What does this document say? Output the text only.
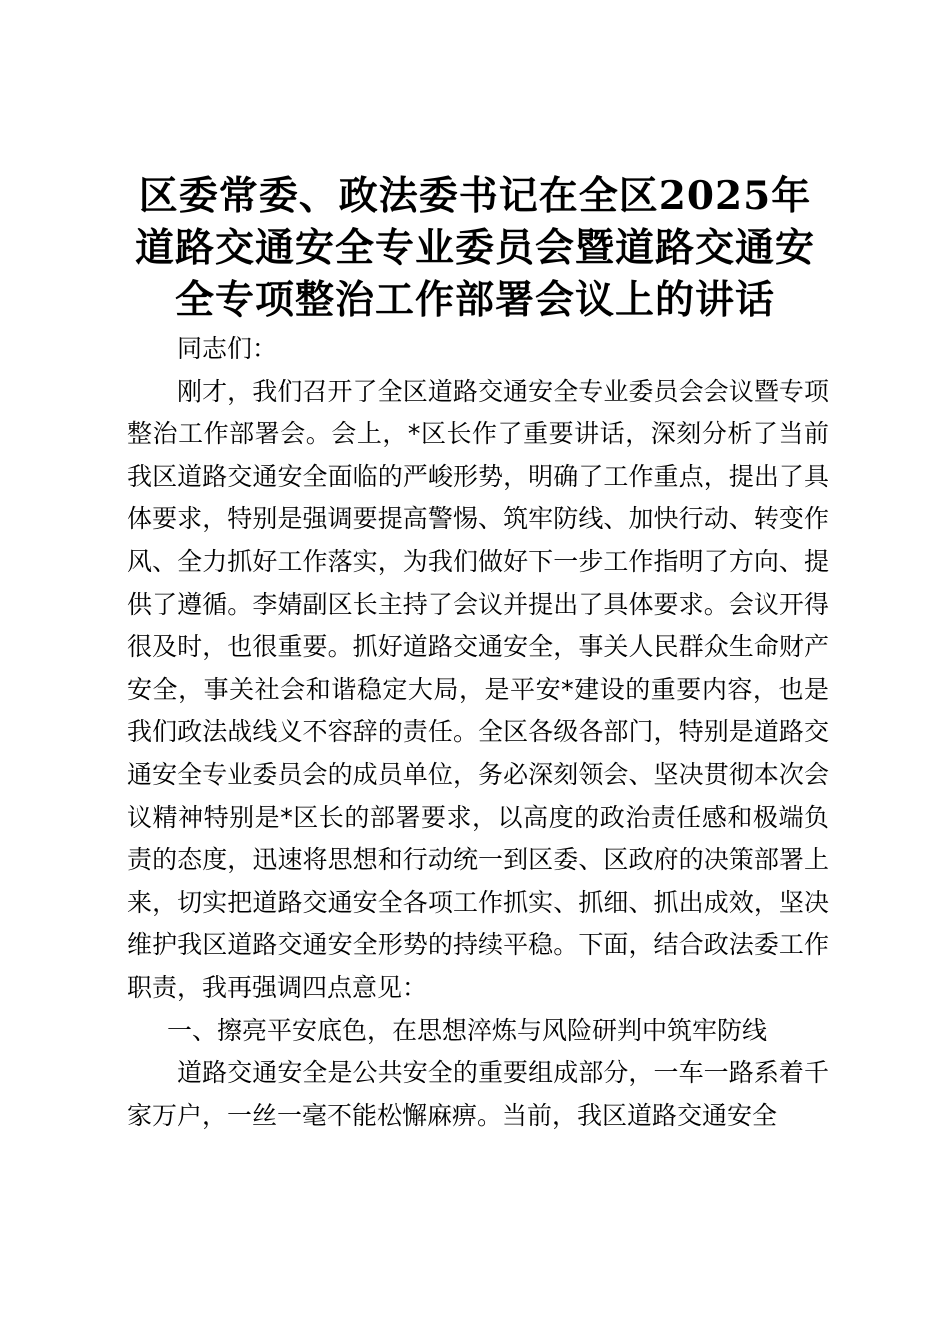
区委常委、政法委书记在全区2025年
道路交通安全专业委员会暨道路交通安
全专项整治工作部署会议上的讲话

同志们：

刚才，我们召开了全区道路交通安全专业委员会会议暨专项整治工作部署会。会上，*区长作了重要讲话，深刻分析了当前我区道路交通安全面临的严峻形势，明确了工作重点，提出了具体要求，特别是强调要提高警惕、筑牢防线、加快行动、转变作风、全力抓好工作落实，为我们做好下一步工作指明了方向、提供了遵循。李婧副区长主持了会议并提出了具体要求。会议开得很及时，也很重要。抓好道路交通安全，事关人民群众生命财产安全，事关社会和谐稳定大局，是平安*建设的重要内容，也是我们政法战线义不容辞的责任。全区各级各部门，特别是道路交通安全专业委员会的成员单位，务必深刻领会、坚决贯彻本次会议精神特别是*区长的部署要求，以高度的政治责任感和极端负责的态度，迅速将思想和行动统一到区委、区政府的决策部署上来，切实把道路交通安全各项工作抓实、抓细、抓出成效，坚决维护我区道路交通安全形势的持续平稳。下面，结合政法委工作职责，我再强调四点意见：

一、擦亮平安底色，在思想淬炼与风险研判中筑牢防线

道路交通安全是公共安全的重要组成部分，一车一路系着千家万户，一丝一毫不能松懈麻痹。当前，我区道路交通安全
